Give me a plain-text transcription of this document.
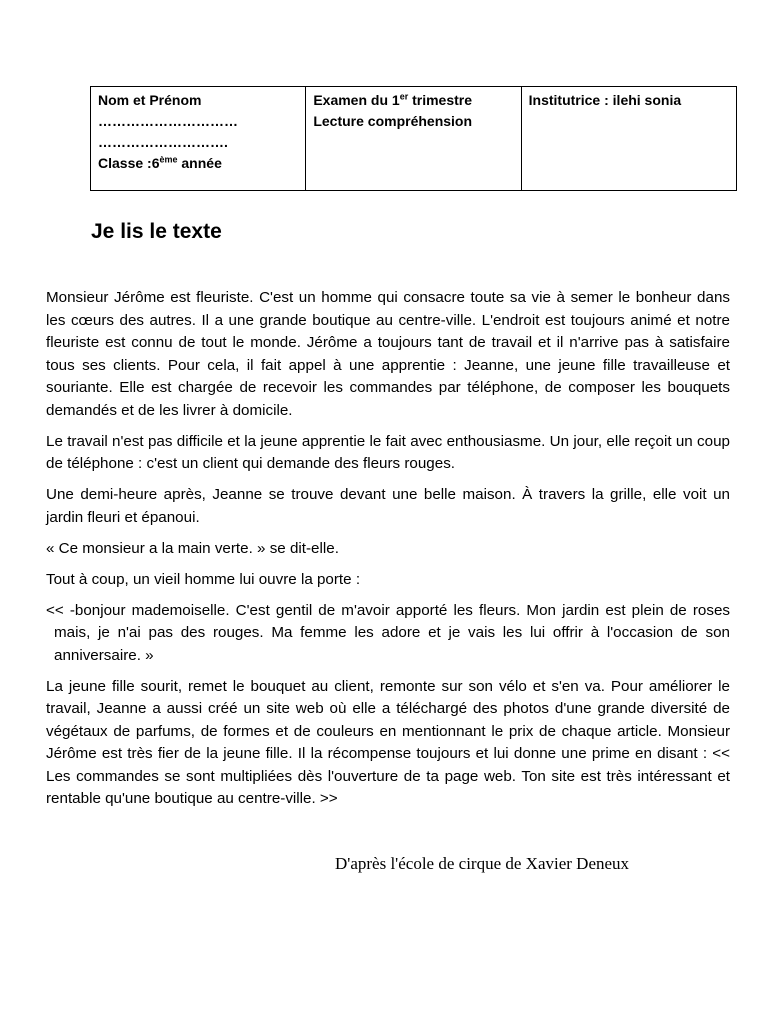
Nom et Prénom
…………………………
……………………….
Classe :6ème année

Examen du 1er trimestre
Lecture compréhension

Institutrice : ilehi sonia
Je lis le texte

Monsieur Jérôme est fleuriste. C'est un homme qui consacre toute sa vie à semer le bonheur dans les cœurs des autres. Il a une grande boutique au centre-ville. L'endroit est toujours animé et notre fleuriste est connu de tout le monde. Jérôme a toujours tant de travail et il n'arrive pas à satisfaire tous ses clients. Pour cela, il fait appel à une apprentie : Jeanne, une jeune fille travailleuse et souriante. Elle est chargée de recevoir les commandes par téléphone, de composer les bouquets demandés et de les livrer à domicile.

Le travail n'est pas difficile et la jeune apprentie le fait avec enthousiasme. Un jour, elle reçoit un coup de téléphone : c'est un client qui demande des fleurs rouges.

Une demi-heure après, Jeanne se trouve devant une belle maison. À travers la grille, elle voit un jardin fleuri et épanoui.

« Ce monsieur a la main verte. » se dit-elle.

Tout à coup, un vieil homme lui ouvre la porte :

<< -bonjour mademoiselle. C'est gentil de m'avoir apporté les fleurs. Mon jardin est plein de roses mais, je n'ai pas des rouges. Ma femme les adore et je vais les lui offrir à l'occasion de son anniversaire. »

La jeune fille sourit, remet le bouquet au client, remonte sur son vélo et s'en va. Pour améliorer le travail, Jeanne a aussi créé un site web où elle a téléchargé des photos d'une grande diversité de végétaux de parfums, de formes et de couleurs en mentionnant le prix de chaque article. Monsieur Jérôme est très fier de la jeune fille. Il la récompense toujours et lui donne une prime en disant : << Les commandes se sont multipliées dès l'ouverture de ta page web. Ton site est très intéressant et rentable qu'une boutique au centre-ville. >>

D'après l'école de cirque de Xavier Deneux
